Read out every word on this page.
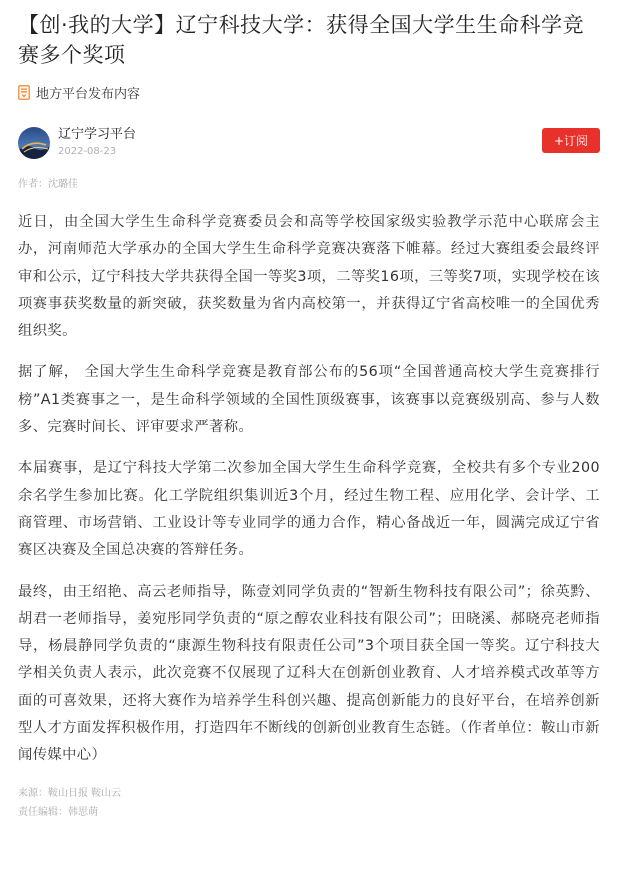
【创·我的大学】辽宁科技大学：获得全国大学生生命科学竞赛多个奖项
地方平台发布内容
辽宁学习平台
2022-08-23
+订阅
作者：沈璐佳

近日，由全国大学生生命科学竞赛委员会和高等学校国家级实验教学示范中心联席会主办，河南师范大学承办的全国大学生生命科学竞赛决赛落下帷幕。经过大赛组委会最终评审和公示，辽宁科技大学共获得全国一等奖3项，二等奖16项，三等奖7项，实现学校在该项赛事获奖数量的新突破，获奖数量为省内高校第一，并获得辽宁省高校唯一的全国优秀组织奖。

据了解， 全国大学生生命科学竞赛是教育部公布的56项“全国普通高校大学生竞赛排行榜”A1类赛事之一，是生命科学领域的全国性顶级赛事，该赛事以竞赛级别高、参与人数多、完赛时间长、评审要求严著称。

本届赛事，是辽宁科技大学第二次参加全国大学生生命科学竞赛，全校共有多个专业200余名学生参加比赛。化工学院组织集训近3个月，经过生物工程、应用化学、会计学、工商管理、市场营销、工业设计等专业同学的通力合作，精心备战近一年，圆满完成辽宁省赛区决赛及全国总决赛的答辩任务。

最终，由王绍艳、高云老师指导，陈壹刘同学负责的“智新生物科技有限公司”；徐英黔、胡君一老师指导，姜宛彤同学负责的“原之醇农业科技有限公司”；田晓溪、郝晓亮老师指导，杨晨静同学负责的“康源生物科技有限责任公司”3个项目获全国一等奖。辽宁科技大学相关负责人表示，此次竞赛不仅展现了辽科大在创新创业教育、人才培养模式改革等方面的可喜效果，还将大赛作为培养学生科创兴趣、提高创新能力的良好平台，在培养创新型人才方面发挥积极作用，打造四年不断线的创新创业教育生态链。（作者单位：鞍山市新闻传媒中心）

来源：鞍山日报 鞍山云
责任编辑：韩思萌
